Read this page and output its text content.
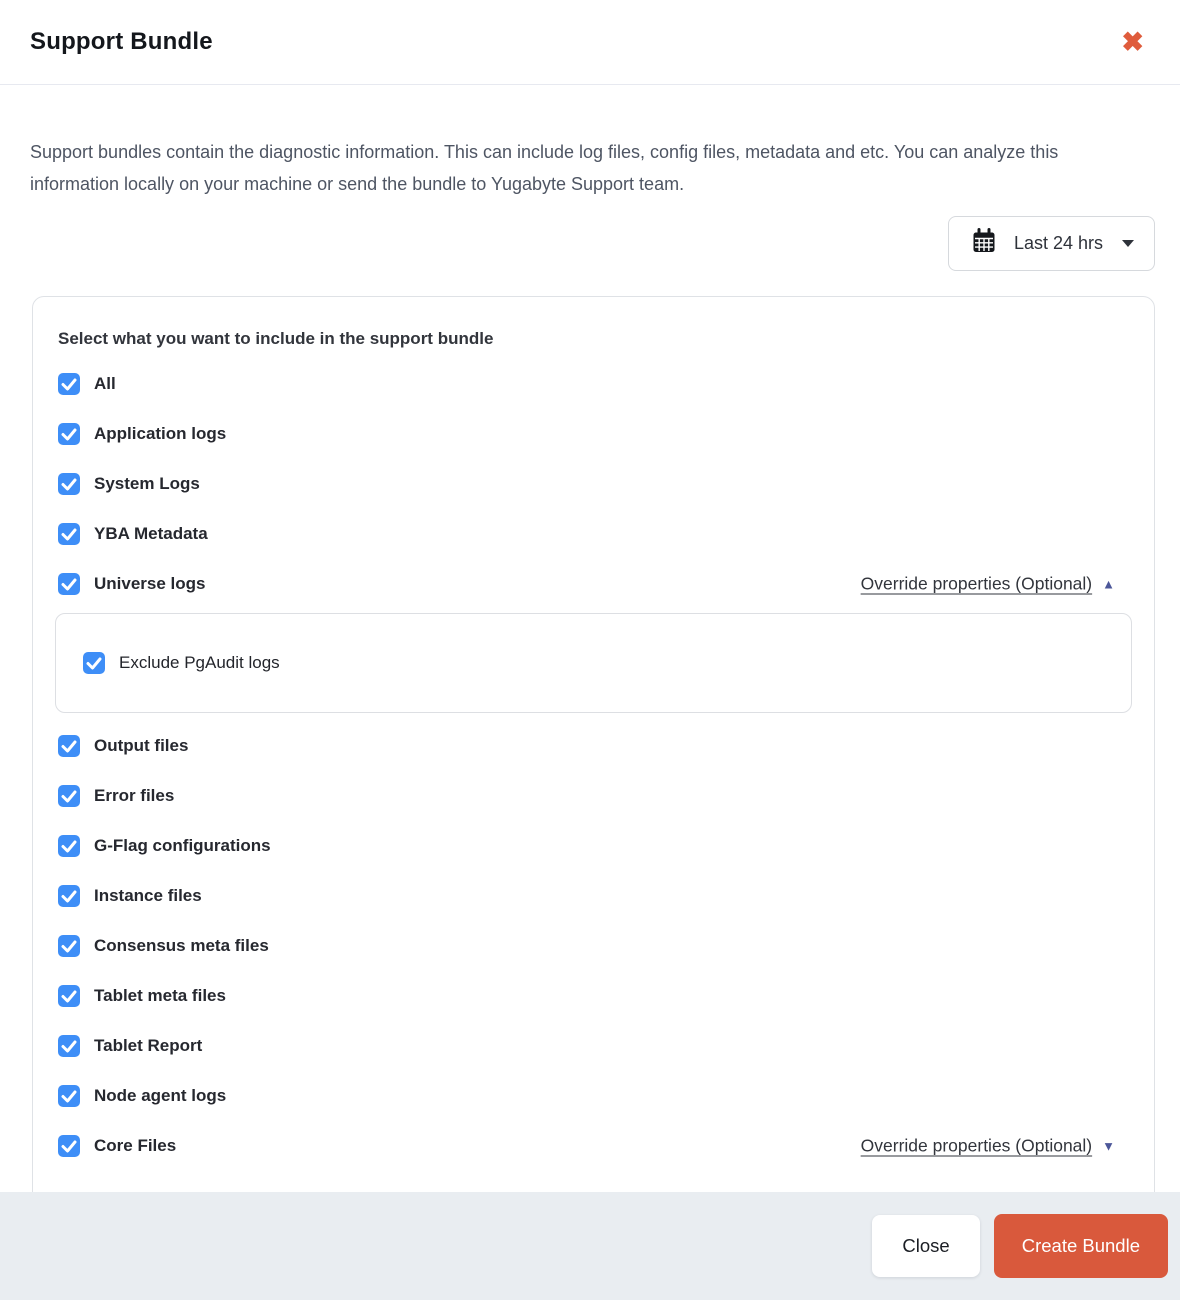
Support Bundle	✖

Support bundles contain the diagnostic information. This can include log files, config files, metadata and etc. You can analyze this information locally on your machine or send the bundle to Yugabyte Support team.

Last 24 hrs
Select what you want to include in the support bundle
All
Application logs
System Logs
YBA Metadata
Universe logs	Override properties (Optional) ▲
Exclude PgAudit logs
Output files
Error files
G-Flag configurations
Instance files
Consensus meta files
Tablet meta files
Tablet Report
Node agent logs
Core Files	Override properties (Optional) ▼
Close	Create Bundle
